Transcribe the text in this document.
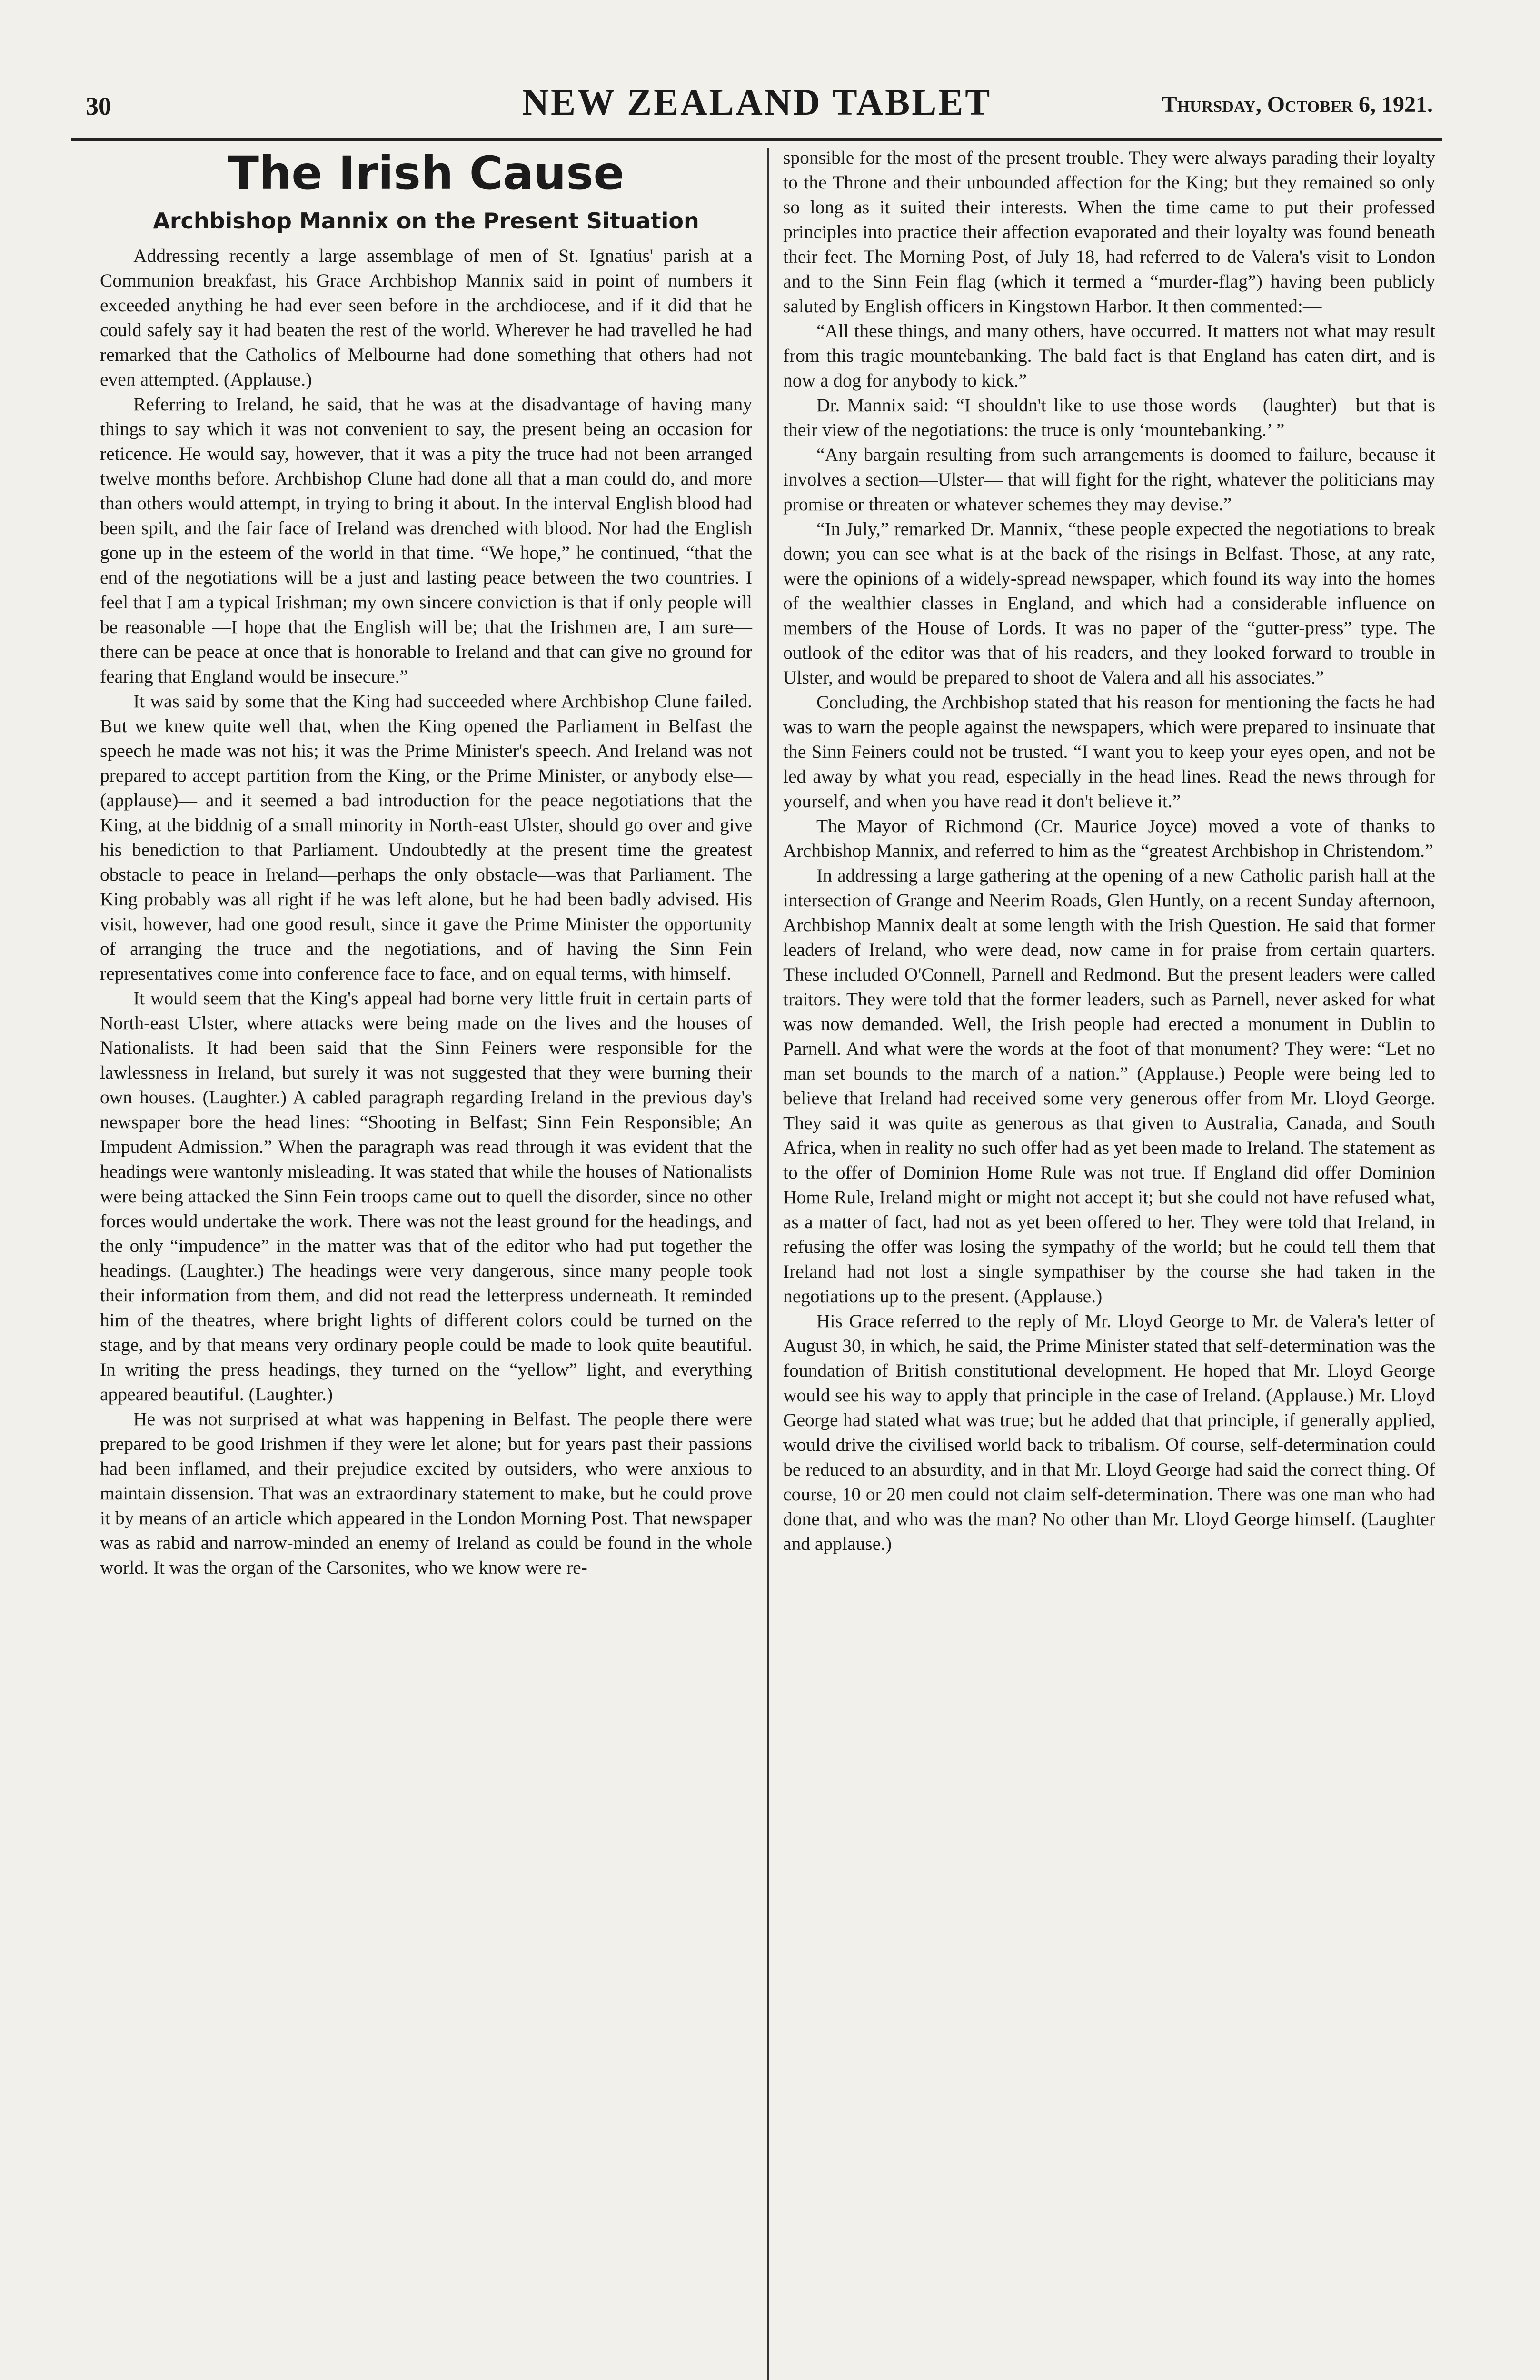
30	NEW ZEALAND TABLET	Thursday, October 6, 1921.
The Irish Cause
Archbishop Mannix on the Present Situation

Addressing recently a large assemblage of men of St. Ignatius' parish at a Communion breakfast, his Grace Archbishop Mannix said in point of numbers it exceeded anything he had ever seen before in the archdiocese, and if it did that he could safely say it had beaten the rest of the world. Wherever he had travelled he had remarked that the Catholics of Melbourne had done something that others had not even attempted. (Applause.)

Referring to Ireland, he said, that he was at the disadvantage of having many things to say which it was not convenient to say, the present being an occasion for reticence. He would say, however, that it was a pity the truce had not been arranged twelve months before. Archbishop Clune had done all that a man could do, and more than others would attempt, in trying to bring it about. In the interval English blood had been spilt, and the fair face of Ireland was drenched with blood. Nor had the English gone up in the esteem of the world in that time. “We hope,” he continued, “that the end of the negotiations will be a just and lasting peace between the two countries. I feel that I am a typical Irishman; my own sincere conviction is that if only people will be reasonable —I hope that the English will be; that the Irishmen are, I am sure—there can be peace at once that is honorable to Ireland and that can give no ground for fearing that England would be insecure.”

It was said by some that the King had succeeded where Archbishop Clune failed. But we knew quite well that, when the King opened the Parliament in Belfast the speech he made was not his; it was the Prime Minister's speech. And Ireland was not prepared to accept partition from the King, or the Prime Minister, or anybody else—(applause)— and it seemed a bad introduction for the peace negotiations that the King, at the biddnig of a small minority in North-east Ulster, should go over and give his benediction to that Parliament. Undoubtedly at the present time the greatest obstacle to peace in Ireland—perhaps the only obstacle—was that Parliament. The King probably was all right if he was left alone, but he had been badly advised. His visit, however, had one good result, since it gave the Prime Minister the opportunity of arranging the truce and the negotiations, and of having the Sinn Fein representatives come into conference face to face, and on equal terms, with himself.

It would seem that the King's appeal had borne very little fruit in certain parts of North-east Ulster, where attacks were being made on the lives and the houses of Nationalists. It had been said that the Sinn Feiners were responsible for the lawlessness in Ireland, but surely it was not suggested that they were burning their own houses. (Laughter.) A cabled paragraph regarding Ireland in the previous day's newspaper bore the head lines: “Shooting in Belfast; Sinn Fein Responsible; An Impudent Admission.” When the paragraph was read through it was evident that the headings were wantonly misleading. It was stated that while the houses of Nationalists were being attacked the Sinn Fein troops came out to quell the disorder, since no other forces would undertake the work. There was not the least ground for the headings, and the only “impudence” in the matter was that of the editor who had put together the headings. (Laughter.) The headings were very dangerous, since many people took their information from them, and did not read the letterpress underneath. It reminded him of the theatres, where bright lights of different colors could be turned on the stage, and by that means very ordinary people could be made to look quite beautiful. In writing the press headings, they turned on the “yellow” light, and everything appeared beautiful. (Laughter.)

He was not surprised at what was happening in Belfast. The people there were prepared to be good Irishmen if they were let alone; but for years past their passions had been inflamed, and their prejudice excited by outsiders, who were anxious to maintain dissension. That was an extraordinary statement to make, but he could prove it by means of an article which appeared in the London Morning Post. That newspaper was as rabid and narrow-minded an enemy of Ireland as could be found in the whole world. It was the organ of the Carsonites, who we know were re-

sponsible for the most of the present trouble. They were always parading their loyalty to the Throne and their unbounded affection for the King; but they remained so only so long as it suited their interests. When the time came to put their professed principles into practice their affection evaporated and their loyalty was found beneath their feet. The Morning Post, of July 18, had referred to de Valera's visit to London and to the Sinn Fein flag (which it termed a “murder-flag”) having been publicly saluted by English officers in Kingstown Harbor. It then commented:—

“All these things, and many others, have occurred. It matters not what may result from this tragic mountebanking. The bald fact is that England has eaten dirt, and is now a dog for anybody to kick.”

Dr. Mannix said: “I shouldn't like to use those words —(laughter)—but that is their view of the negotiations: the truce is only ‘mountebanking.’ ”

“Any bargain resulting from such arrangements is doomed to failure, because it involves a section—Ulster— that will fight for the right, whatever the politicians may promise or threaten or whatever schemes they may devise.”

“In July,” remarked Dr. Mannix, “these people expected the negotiations to break down; you can see what is at the back of the risings in Belfast. Those, at any rate, were the opinions of a widely-spread newspaper, which found its way into the homes of the wealthier classes in England, and which had a considerable influence on members of the House of Lords. It was no paper of the “gutter-press” type. The outlook of the editor was that of his readers, and they looked forward to trouble in Ulster, and would be prepared to shoot de Valera and all his associates.”

Concluding, the Archbishop stated that his reason for mentioning the facts he had was to warn the people against the newspapers, which were prepared to insinuate that the Sinn Feiners could not be trusted. “I want you to keep your eyes open, and not be led away by what you read, especially in the head lines. Read the news through for yourself, and when you have read it don't believe it.”

The Mayor of Richmond (Cr. Maurice Joyce) moved a vote of thanks to Archbishop Mannix, and referred to him as the “greatest Archbishop in Christendom.”

In addressing a large gathering at the opening of a new Catholic parish hall at the intersection of Grange and Neerim Roads, Glen Huntly, on a recent Sunday afternoon, Archbishop Mannix dealt at some length with the Irish Question. He said that former leaders of Ireland, who were dead, now came in for praise from certain quarters. These included O'Connell, Parnell and Redmond. But the present leaders were called traitors. They were told that the former leaders, such as Parnell, never asked for what was now demanded. Well, the Irish people had erected a monument in Dublin to Parnell. And what were the words at the foot of that monument? They were: “Let no man set bounds to the march of a nation.” (Applause.) People were being led to believe that Ireland had received some very generous offer from Mr. Lloyd George. They said it was quite as generous as that given to Australia, Canada, and South Africa, when in reality no such offer had as yet been made to Ireland. The statement as to the offer of Dominion Home Rule was not true. If England did offer Dominion Home Rule, Ireland might or might not accept it; but she could not have refused what, as a matter of fact, had not as yet been offered to her. They were told that Ireland, in refusing the offer was losing the sympathy of the world; but he could tell them that Ireland had not lost a single sympathiser by the course she had taken in the negotiations up to the present. (Applause.)

His Grace referred to the reply of Mr. Lloyd George to Mr. de Valera's letter of August 30, in which, he said, the Prime Minister stated that self-determination was the foundation of British constitutional development. He hoped that Mr. Lloyd George would see his way to apply that principle in the case of Ireland. (Applause.) Mr. Lloyd George had stated what was true; but he added that that principle, if generally applied, would drive the civilised world back to tribalism. Of course, self-determination could be reduced to an absurdity, and in that Mr. Lloyd George had said the correct thing. Of course, 10 or 20 men could not claim self-determination. There was one man who had done that, and who was the man? No other than Mr. Lloyd George himself. (Laughter and applause.)
